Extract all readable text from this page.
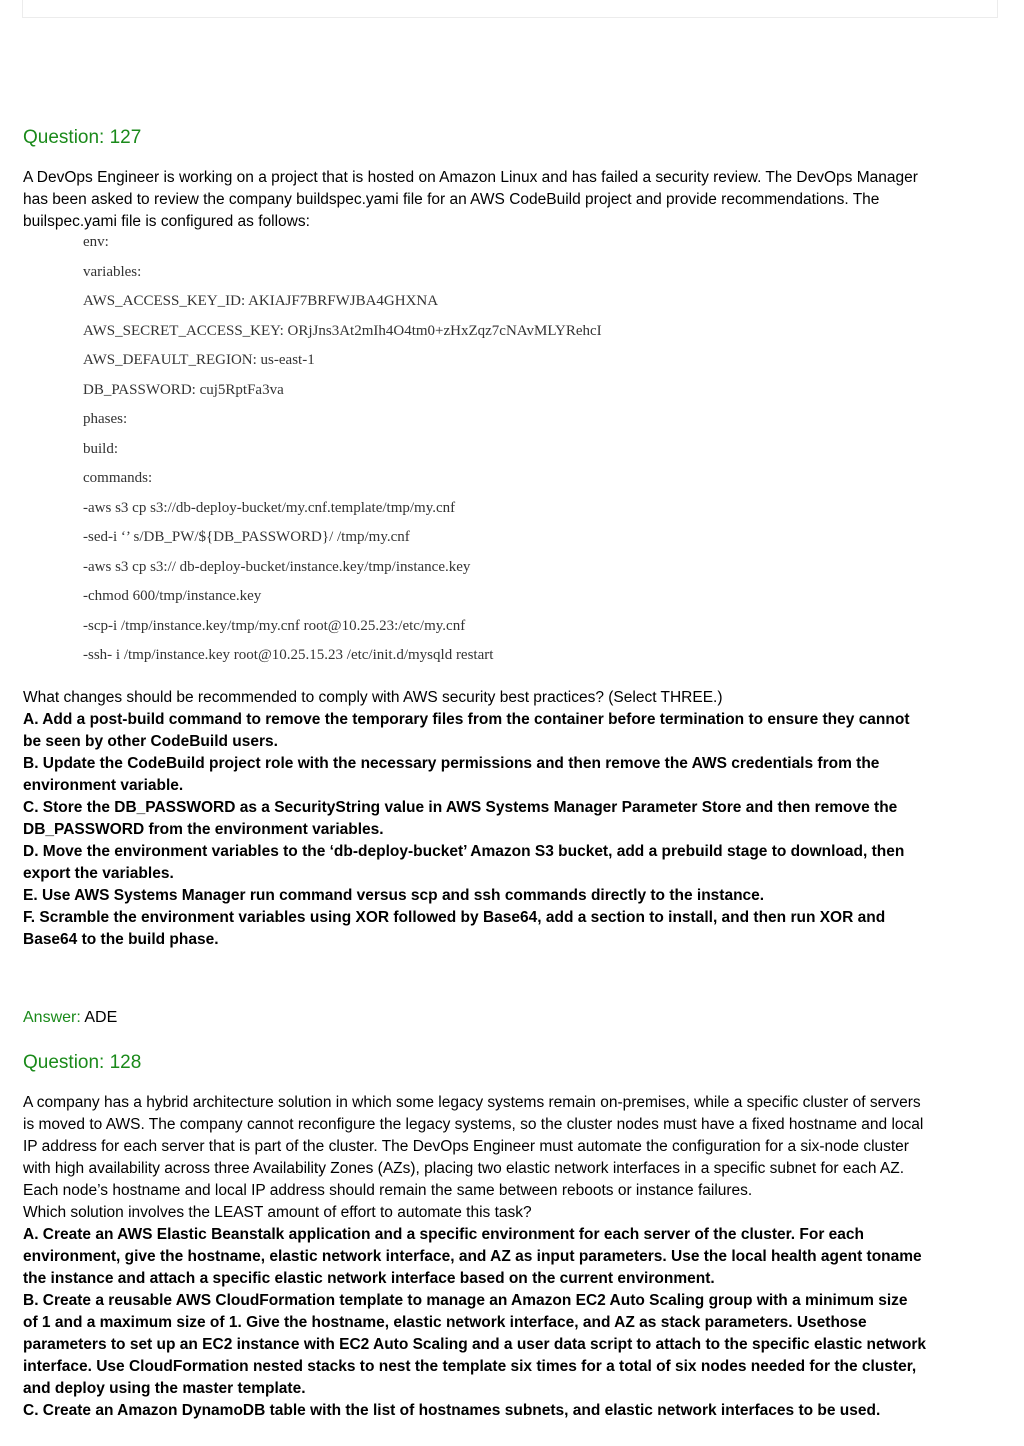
Question: 127
A DevOps Engineer is working on a project that is hosted on Amazon Linux and has failed a security review. The DevOps Manager
has been asked to review the company buildspec.yami file for an AWS CodeBuild project and provide recommendations. The
builspec.yami file is configured as follows:
env:
variables:
AWS_ACCESS_KEY_ID: AKIAJF7BRFWJBA4GHXNA
AWS_SECRET_ACCESS_KEY: ORjJns3At2mIh4O4tm0+zHxZqz7cNAvMLYRehcI
AWS_DEFAULT_REGION: us-east-1
DB_PASSWORD: cuj5RptFa3va
phases:
build:
commands:
-aws s3 cp s3://db-deploy-bucket/my.cnf.template/tmp/my.cnf
-sed-i ‘’ s/DB_PW/${DB_PASSWORD}/ /tmp/my.cnf
-aws s3 cp s3:// db-deploy-bucket/instance.key/tmp/instance.key
-chmod 600/tmp/instance.key
-scp-i /tmp/instance.key/tmp/my.cnf root@10.25.23:/etc/my.cnf
-ssh- i /tmp/instance.key root@10.25.15.23 /etc/init.d/mysqld restart
What changes should be recommended to comply with AWS security best practices? (Select THREE.)
A. Add a post-build command to remove the temporary files from the container before termination to ensure they cannot
be seen by other CodeBuild users.
B. Update the CodeBuild project role with the necessary permissions and then remove the AWS credentials from the
environment variable.
C. Store the DB_PASSWORD as a SecurityString value in AWS Systems Manager Parameter Store and then remove the
DB_PASSWORD from the environment variables.
D. Move the environment variables to the ‘db-deploy-bucket’ Amazon S3 bucket, add a prebuild stage to download, then
export the variables.
E. Use AWS Systems Manager run command versus scp and ssh commands directly to the instance.
F. Scramble the environment variables using XOR followed by Base64, add a section to install, and then run XOR and
Base64 to the build phase.
Answer: ADE
Question: 128
A company has a hybrid architecture solution in which some legacy systems remain on-premises, while a specific cluster of servers
is moved to AWS. The company cannot reconfigure the legacy systems, so the cluster nodes must have a fixed hostname and local
IP address for each server that is part of the cluster. The DevOps Engineer must automate the configuration for a six-node cluster
with high availability across three Availability Zones (AZs), placing two elastic network interfaces in a specific subnet for each AZ.
Each node’s hostname and local IP address should remain the same between reboots or instance failures.
Which solution involves the LEAST amount of effort to automate this task?
A. Create an AWS Elastic Beanstalk application and a specific environment for each server of the cluster. For each
environment, give the hostname, elastic network interface, and AZ as input parameters. Use the local health agent toname
the instance and attach a specific elastic network interface based on the current environment.
B. Create a reusable AWS CloudFormation template to manage an Amazon EC2 Auto Scaling group with a minimum size
of 1 and a maximum size of 1. Give the hostname, elastic network interface, and AZ as stack parameters. Usethose
parameters to set up an EC2 instance with EC2 Auto Scaling and a user data script to attach to the specific elastic network
interface. Use CloudFormation nested stacks to nest the template six times for a total of six nodes needed for the cluster,
and deploy using the master template.
C. Create an Amazon DynamoDB table with the list of hostnames subnets, and elastic network interfaces to be used.
